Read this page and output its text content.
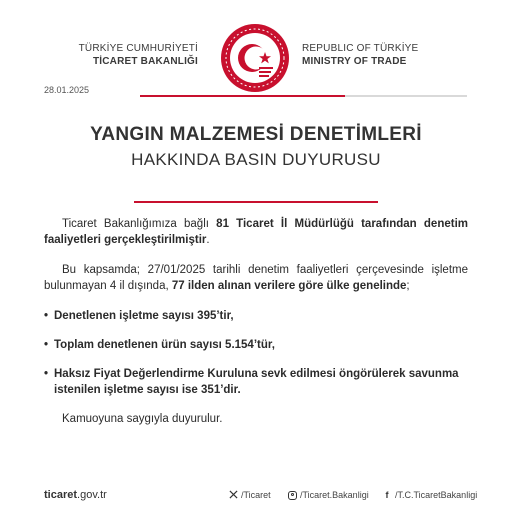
TÜRKİYE CUMHURİYETİ
TİCARET BAKANLIĞI
REPUBLIC OF TÜRKİYE
MINISTRY OF TRADE
28.01.2025
YANGIN MALZEMESİ DENETİMLERİ
HAKKINDA BASIN DUYURUSU

Ticaret Bakanlığımıza bağlı 81 Ticaret İl Müdürlüğü tarafından denetim faaliyetleri gerçekleştirilmiştir.

Bu kapsamda; 27/01/2025 tarihli denetim faaliyetleri çerçevesinde işletme bulunmayan 4 il dışında, 77 ilden alınan verilere göre ülke genelinde;

• Denetlenen işletme sayısı 395’tir,
• Toplam denetlenen ürün sayısı 5.154’tür,
• Haksız Fiyat Değerlendirme Kuruluna sevk edilmesi öngörülerek savunma istenilen işletme sayısı ise 351’dir.

Kamuoyuna saygıyla duyurulur.

ticaret.gov.tr	/Ticaret	/Ticaret.Bakanligi	f /T.C.TicaretBakanligi
